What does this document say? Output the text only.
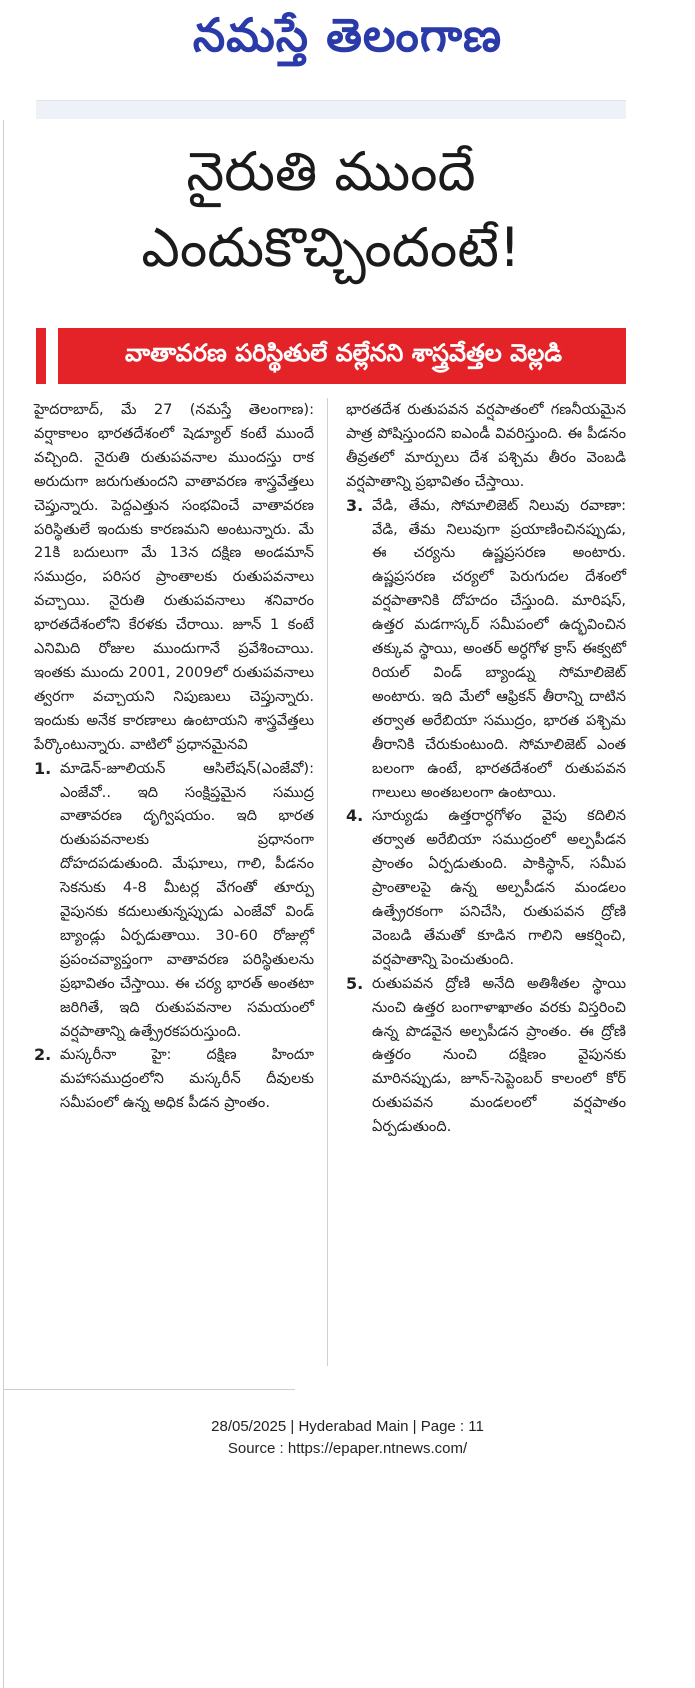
నమస్తే తెలంగాణ
నైరుతి ముందే
ఎందుకొచ్చిందంటే!
వాతావరణ పరిస్థితులే వల్లేనని శాస్త్రవేత్తల వెల్లడి

హైదరాబాద్, మే 27 (నమస్తే తెలంగాణ): వర్షాకాలం భారతదేశంలో షెడ్యూల్ కంటే ముందే వచ్చింది. నైరుతి రుతుపవనాల ముందస్తు రాక అరుదుగా జరుగుతుందని వాతావరణ శాస్త్రవేత్తలు చెప్తున్నారు. పెద్దఎత్తున సంభవించే వాతావరణ పరిస్థితులే ఇందుకు కారణమని అంటున్నారు. మే 21కి బదులుగా మే 13న దక్షిణ అండమాన్ సముద్రం, పరిసర ప్రాంతాలకు రుతుపవనాలు వచ్చాయి. నైరుతి రుతుపవనాలు శనివారం భారతదేశంలోని కేరళకు చేరాయి. జూన్ 1 కంటే ఎనిమిది రోజుల ముందుగానే ప్రవేశించాయి. ఇంతకు ముందు 2001, 2009లో రుతుపవనాలు త్వరగా వచ్చాయని నిపుణులు చెప్తున్నారు. ఇందుకు అనేక కారణాలు ఉంటాయని శాస్త్రవేత్తలు పేర్కొంటున్నారు. వాటిలో ప్రధానమైనవి

1. మాడెన్-జూలియన్ ఆసిలేషన్(ఎంజేవో): ఎంజేవో.. ఇది సంక్షిప్తమైన సముద్ర వాతావరణ దృగ్విషయం. ఇది భారత రుతుపవనాలకు ప్రధానంగా దోహదపడుతుంది. మేఘాలు, గాలి, పీడనం సెకనుకు 4-8 మీటర్ల వేగంతో తూర్పు వైపునకు కదులుతున్నప్పుడు ఎంజేవో విండ్ బ్యాండ్లు ఏర్పడుతాయి. 30-60 రోజుల్లో ప్రపంచవ్యాప్తంగా వాతావరణ పరిస్థితులను ప్రభావితం చేస్తాయి. ఈ చర్య భారత్ అంతటా జరిగితే, ఇది రుతుపవనాల సమయంలో వర్షపాతాన్ని ఉత్ప్రేరకపరుస్తుంది.
2. మస్కరీనా హై: దక్షిణ హిందూ మహాసముద్రంలోని మస్కరీన్ దీవులకు సమీపంలో ఉన్న అధిక పీడన ప్రాంతం.

భారతదేశ రుతుపవన వర్షపాతంలో గణనీయమైన పాత్ర పోషిస్తుందని ఐఎండీ వివరిస్తుంది. ఈ పీడనం తీవ్రతలో మార్పులు దేశ పశ్చిమ తీరం వెంబడి వర్షపాతాన్ని ప్రభావితం చేస్తాయి.

3. వేడి, తేమ, సోమాలిజెట్ నిలువు రవాణా: వేడి, తేమ నిలువుగా ప్రయాణించినప్పుడు, ఈ చర్యను ఉష్ణప్రసరణ అంటారు. ఉష్ణప్రసరణ చర్యలో పెరుగుదల దేశంలో వర్షపాతానికి దోహదం చేస్తుంది. మారిషస్, ఉత్తర మడగాస్కర్ సమీపంలో ఉద్భవించిన తక్కువ స్థాయి, అంతర్ అర్ధగోళ క్రాస్ ఈక్వటో రియల్ విండ్ బ్యాండ్ను సోమాలిజెట్ అంటారు. ఇది మేలో ఆఫ్రికన్ తీరాన్ని దాటిన తర్వాత అరేబియా సముద్రం, భారత పశ్చిమ తీరానికి చేరుకుంటుంది. సోమాలిజెట్ ఎంత బలంగా ఉంటే, భారతదేశంలో రుతుపవన గాలులు అంతబలంగా ఉంటాయి.
4. సూర్యుడు ఉత్తరార్ధగోళం వైపు కదిలిన తర్వాత అరేబియా సముద్రంలో అల్పపీడన ప్రాంతం ఏర్పడుతుంది. పాకిస్థాన్, సమీప ప్రాంతాలపై ఉన్న అల్పపీడన మండలం ఉత్ప్రేరకంగా పనిచేసి, రుతుపవన ద్రోణి వెంబడి తేమతో కూడిన గాలిని ఆకర్షించి, వర్షపాతాన్ని పెంచుతుంది.
5. రుతుపవన ద్రోణి అనేది అతిశీతల స్థాయి నుంచి ఉత్తర బంగాళాఖాతం వరకు విస్తరించి ఉన్న పొడవైన అల్పపీడన ప్రాంతం. ఈ ద్రోణి ఉత్తరం నుంచి దక్షిణం వైపునకు మారినప్పుడు, జూన్-సెప్టెంబర్ కాలంలో కోర్ రుతుపవన మండలంలో వర్షపాతం ఏర్పడుతుంది.
28/05/2025 | Hyderabad Main | Page : 11
Source : https://epaper.ntnews.com/
